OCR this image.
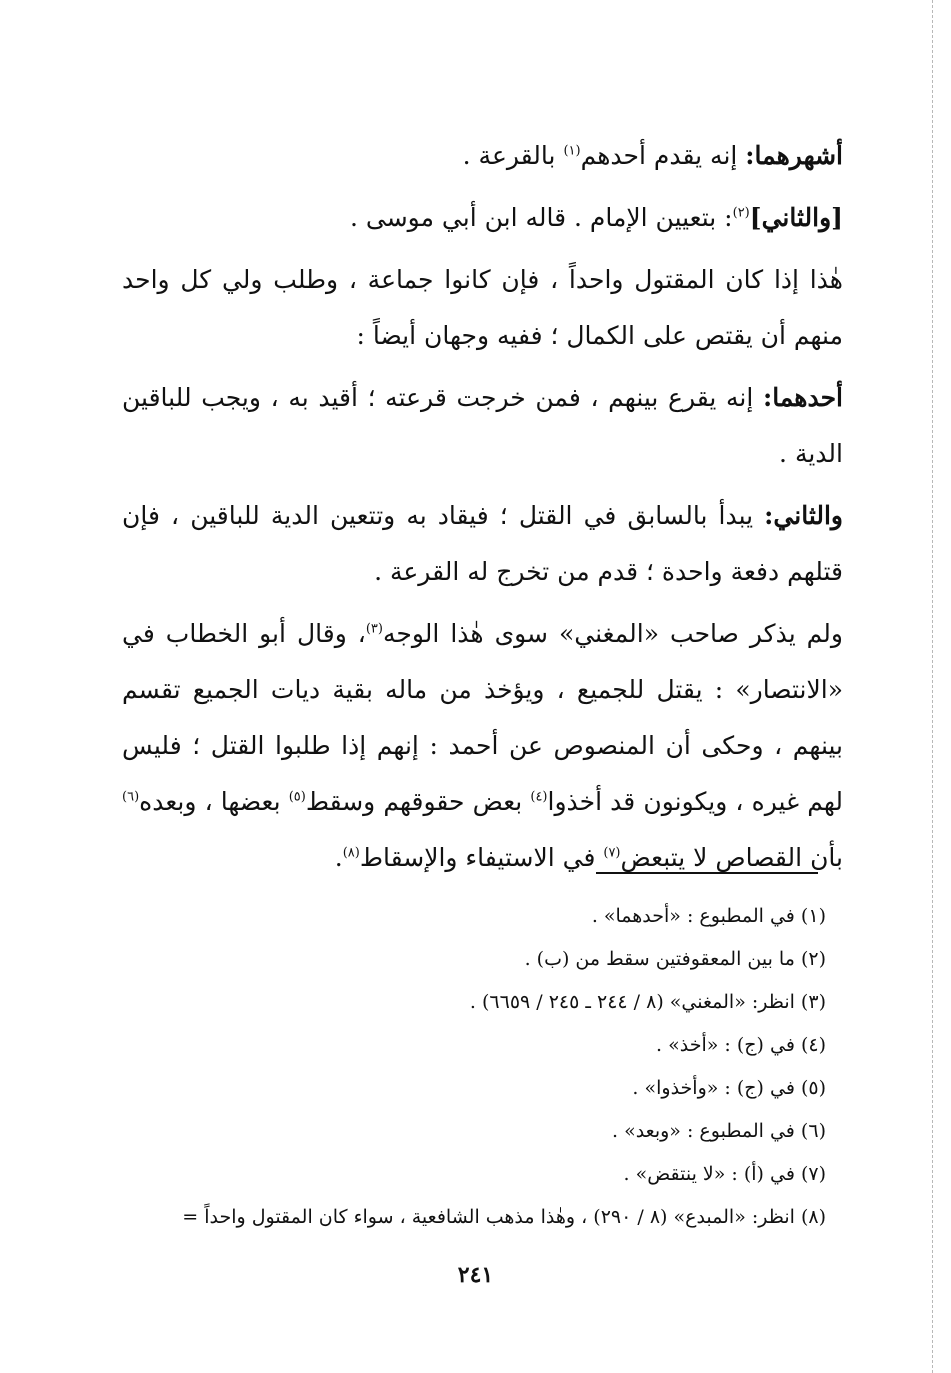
أشهرهما: إنه يقدم أحدهم$^{(١)}$ بالقرعة .

[والثاني]$^{(٢)}$: بتعيين الإمام . قاله ابن أبي موسى .

هٰذا إذا كان المقتول واحداً ، فإن كانوا جماعة ، وطلب ولي كل واحد منهم أن يقتص على الكمال ؛ ففيه وجهان أيضاً :

أحدهما: إنه يقرع بينهم ، فمن خرجت قرعته ؛ أقيد به ، ويجب للباقين الدية .

والثاني: يبدأ بالسابق في القتل ؛ فيقاد به وتتعين الدية للباقين ، فإن قتلهم دفعة واحدة ؛ قدم من تخرج له القرعة .

ولم يذكر صاحب «المغني» سوى هٰذا الوجه$^{(٣)}$، وقال أبو الخطاب في «الانتصار» : يقتل للجميع ، ويؤخذ من ماله بقية ديات الجميع تقسم بينهم ، وحكى أن المنصوص عن أحمد : إنهم إذا طلبوا القتل ؛ فليس لهم غيره ، ويكونون قد أخذوا$^{(٤)}$ بعض حقوقهم وسقط$^{(٥)}$ بعضها ، وبعده$^{(٦)}$ بأن القصاص لا يتبعض$^{(٧)}$ في الاستيفاء والإسقاط$^{(٨)}$.

(١) في المطبوع : «أحدهما» .
(٢) ما بين المعقوفتين سقط من (ب) .
(٣) انظر: «المغني» (٨ / ٢٤٤ ـ ٢٤٥ / ٦٦٥٩) .
(٤) في (ج) : «أخذ» .
(٥) في (ج) : «وأخذوا» .
(٦) في المطبوع : «وبعد» .
(٧) في (أ) : «لا ينتقض» .
(٨) انظر: «المبدع» (٨ / ٢٩٠) ، وهٰذا مذهب الشافعية ، سواء كان المقتول واحداً =
٢٤١
